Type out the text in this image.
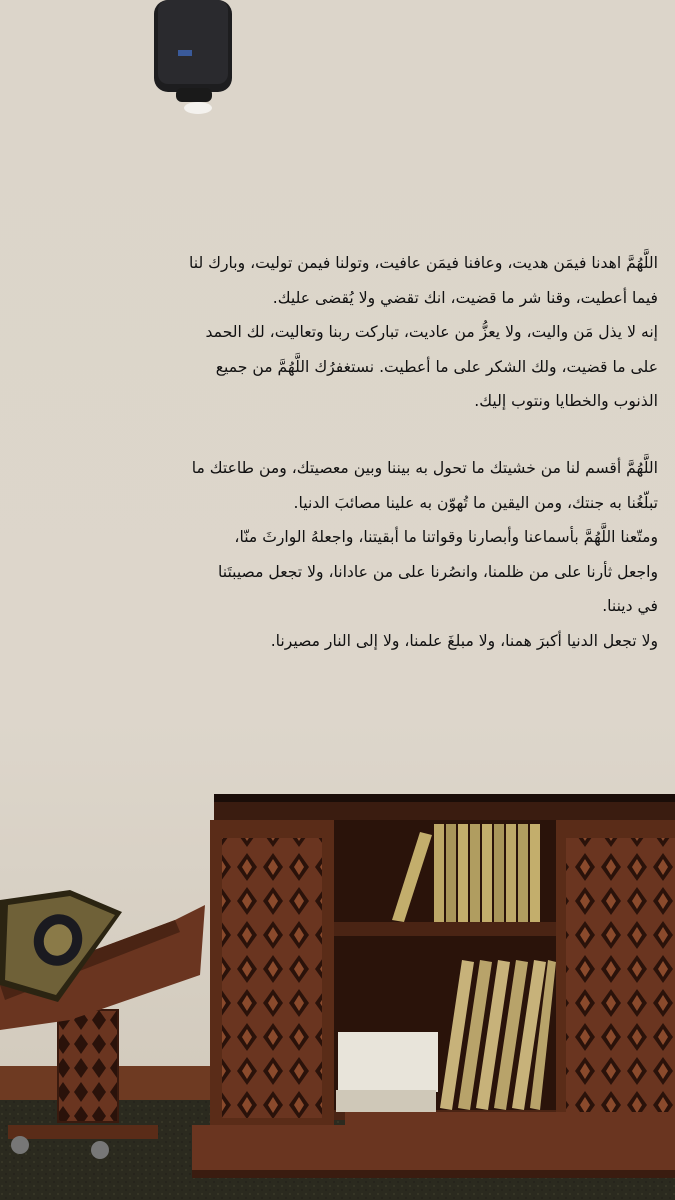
اللَّهُمَّ اهدنا فيمَن هديت، وعافنا فيمَن عافيت، وتولنا فيمن توليت، وبارك لنا
فيما أعطيت، وقنا شر ما قضيت، انك تقضي ولا يُقضى عليك.
إنه لا يذل مَن واليت، ولا يعزُّ من عاديت، تباركت ربنا وتعاليت، لك الحمد
على ما قضيت، ولك الشكر على ما أعطيت. نستغفرُك اللَّهُمَّ من جميع
الذنوب والخطايا ونتوب إليك.
اللَّهُمَّ أقسم لنا من خشيتك ما تحول به بيننا وبين معصيتك، ومن طاعتك ما
تبلّغُنا به جنتك، ومن اليقين ما تُهوّن به علينا مصائبَ الدنيا.
ومتّعنا اللَّهُمَّ بأسماعنا وأبصارنا وقواتنا ما أبقيتنا، واجعلهُ الوارثَ منّا،
واجعل ثأرنا على من ظلمنا، وانصُرنا على من عادانا، ولا تجعل مصيبتَنا
في ديننا.
ولا تجعل الدنيا أكبرَ همنا، ولا مبلغَ علمنا، ولا إلى النار مصيرنا.
